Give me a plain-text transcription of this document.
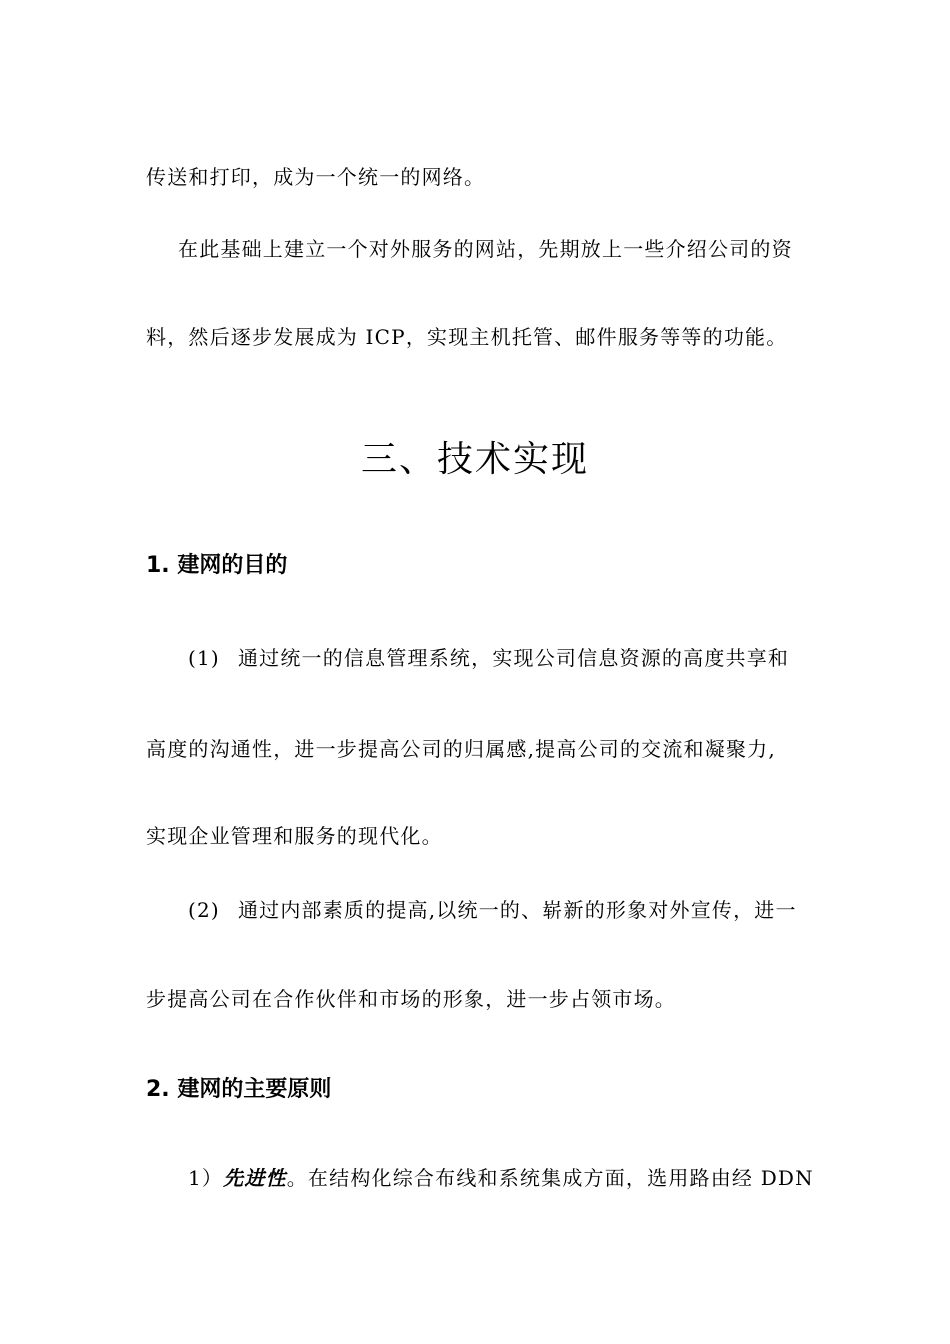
传送和打印，成为一个统一的网络。
在此基础上建立一个对外服务的网站，先期放上一些介绍公司的资
料，然后逐步发展成为 ICP，实现主机托管、邮件服务等等的功能。
三、技术实现
1. 建网的目的
(1) 通过统一的信息管理系统，实现公司信息资源的高度共享和
高度的沟通性，进一步提高公司的归属感,提高公司的交流和凝聚力,
实现企业管理和服务的现代化。
(2) 通过内部素质的提高,以统一的、崭新的形象对外宣传，进一
步提高公司在合作伙伴和市场的形象，进一步占领市场。
2. 建网的主要原则
1）先进性。在结构化综合布线和系统集成方面，选用路由经 DDN
